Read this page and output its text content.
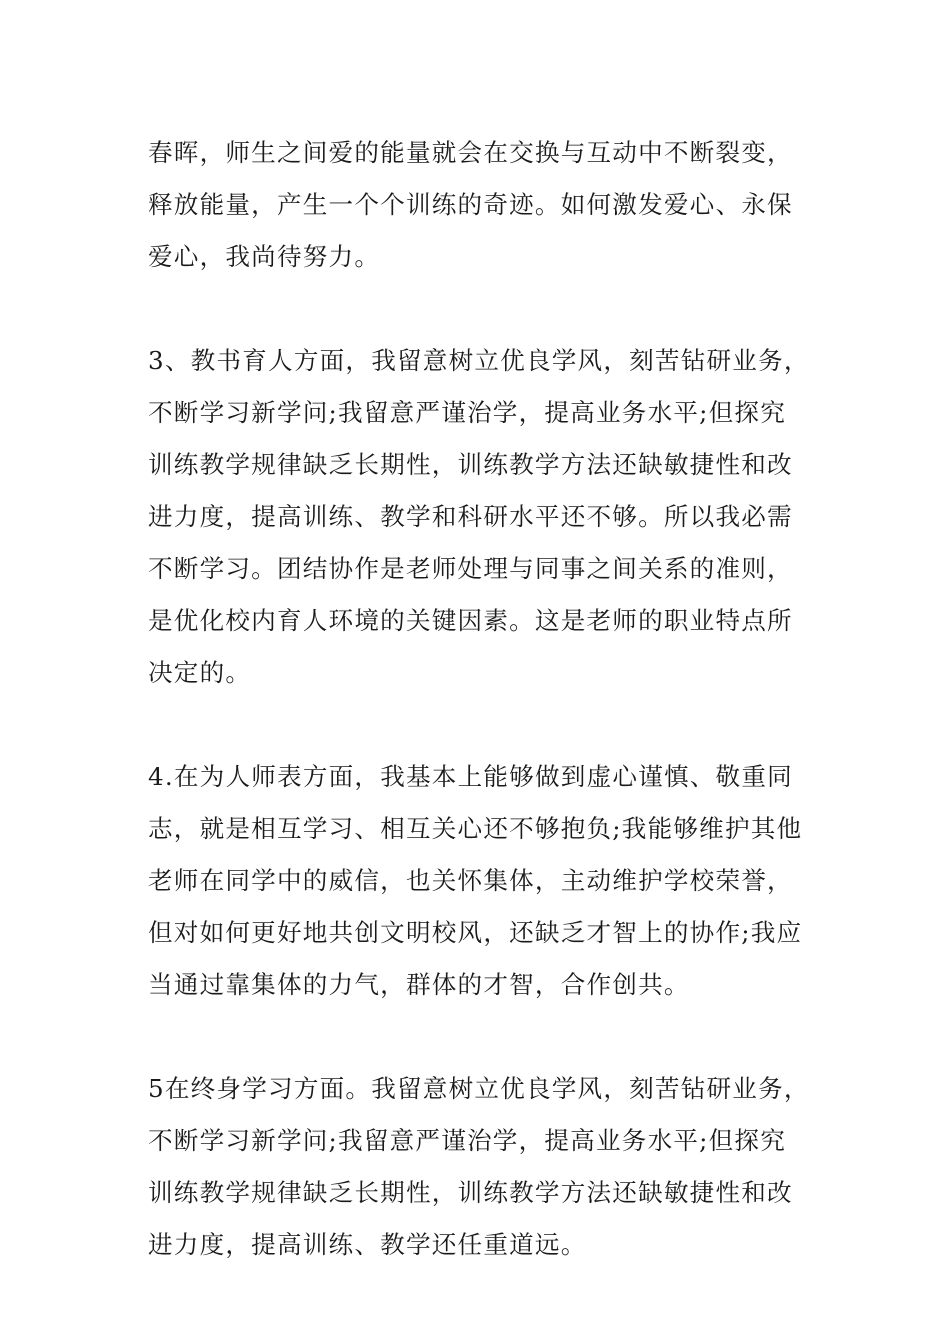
春晖，师生之间爱的能量就会在交换与互动中不断裂变，
释放能量，产生一个个训练的奇迹。如何激发爱心、永保
爱心，我尚待努力。
3、教书育人方面，我留意树立优良学风，刻苦钻研业务，
不断学习新学问;我留意严谨治学，提高业务水平;但探究
训练教学规律缺乏长期性，训练教学方法还缺敏捷性和改
进力度，提高训练、教学和科研水平还不够。所以我必需
不断学习。团结协作是老师处理与同事之间关系的准则，
是优化校内育人环境的关键因素。这是老师的职业特点所
决定的。
4.在为人师表方面，我基本上能够做到虚心谨慎、敬重同
志，就是相互学习、相互关心还不够抱负;我能够维护其他
老师在同学中的威信，也关怀集体，主动维护学校荣誉，
但对如何更好地共创文明校风，还缺乏才智上的协作;我应
当通过靠集体的力气，群体的才智，合作创共。
5在终身学习方面。我留意树立优良学风，刻苦钻研业务，
不断学习新学问;我留意严谨治学，提高业务水平;但探究
训练教学规律缺乏长期性，训练教学方法还缺敏捷性和改
进力度，提高训练、教学还任重道远。
